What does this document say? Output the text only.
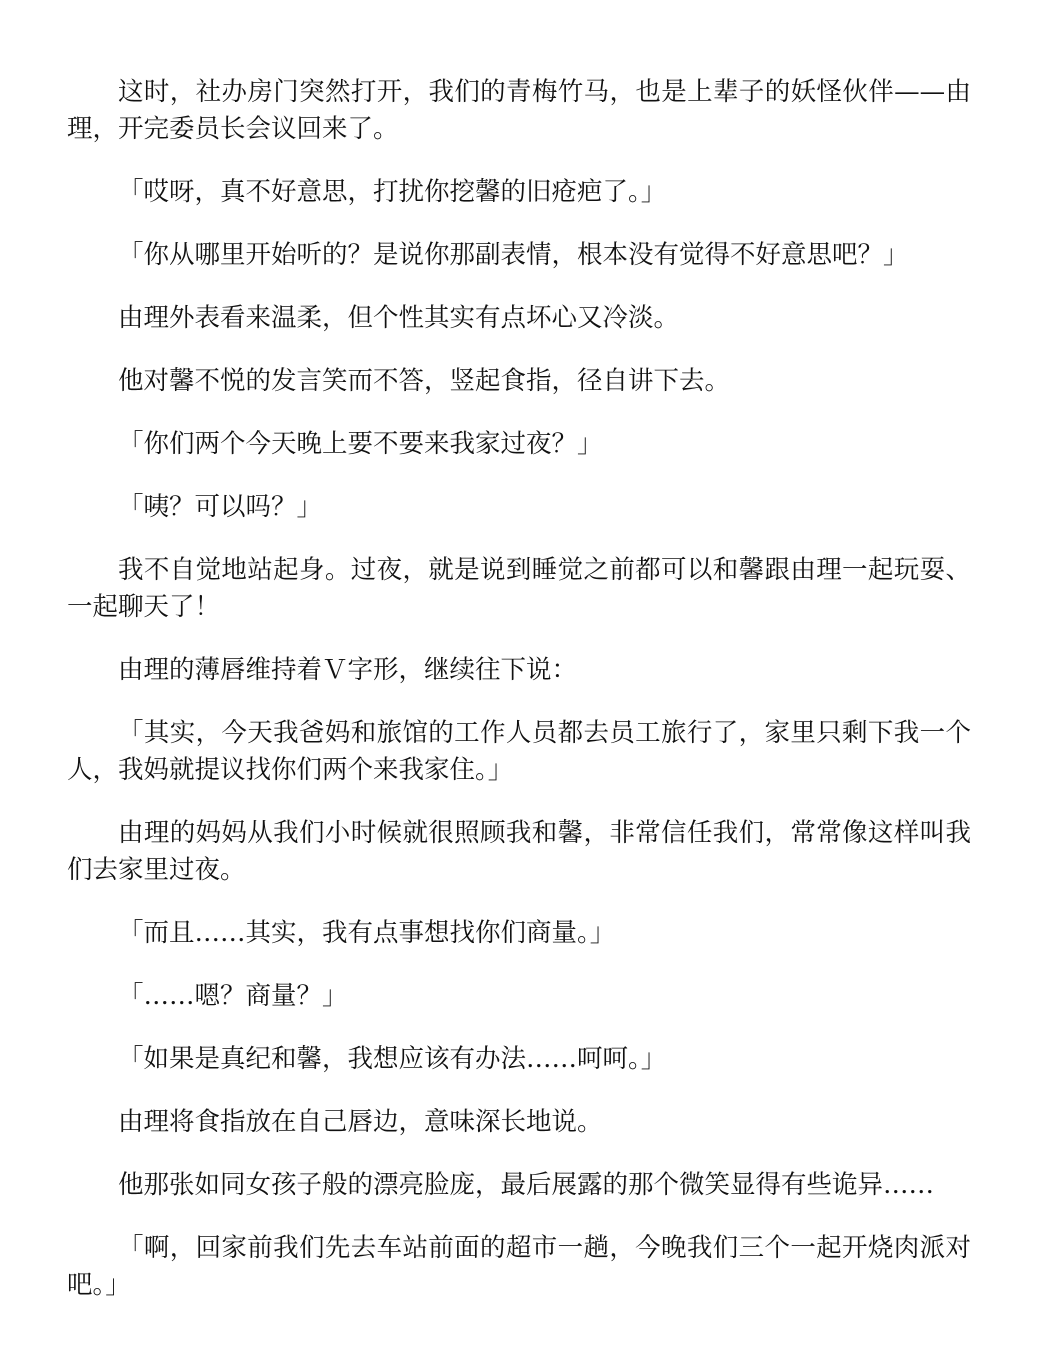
这时，社办房门突然打开，我们的青梅竹马，也是上辈子的妖怪伙伴——由理，开完委员长会议回来了。

「哎呀，真不好意思，打扰你挖馨的旧疮疤了。」

「你从哪里开始听的？是说你那副表情，根本没有觉得不好意思吧？」

由理外表看来温柔，但个性其实有点坏心又冷淡。

他对馨不悦的发言笑而不答，竖起食指，径自讲下去。

「你们两个今天晚上要不要来我家过夜？」

「咦？可以吗？」

我不自觉地站起身。过夜，就是说到睡觉之前都可以和馨跟由理一起玩耍、一起聊天了！

由理的薄唇维持着Ｖ字形，继续往下说：

「其实，今天我爸妈和旅馆的工作人员都去员工旅行了，家里只剩下我一个人，我妈就提议找你们两个来我家住。」

由理的妈妈从我们小时候就很照顾我和馨，非常信任我们，常常像这样叫我们去家里过夜。

「而且……其实，我有点事想找你们商量。」

「……嗯？商量？」

「如果是真纪和馨，我想应该有办法……呵呵。」

由理将食指放在自己唇边，意味深长地说。

他那张如同女孩子般的漂亮脸庞，最后展露的那个微笑显得有些诡异……

「啊，回家前我们先去车站前面的超市一趟，今晚我们三个一起开烧肉派对吧。」
